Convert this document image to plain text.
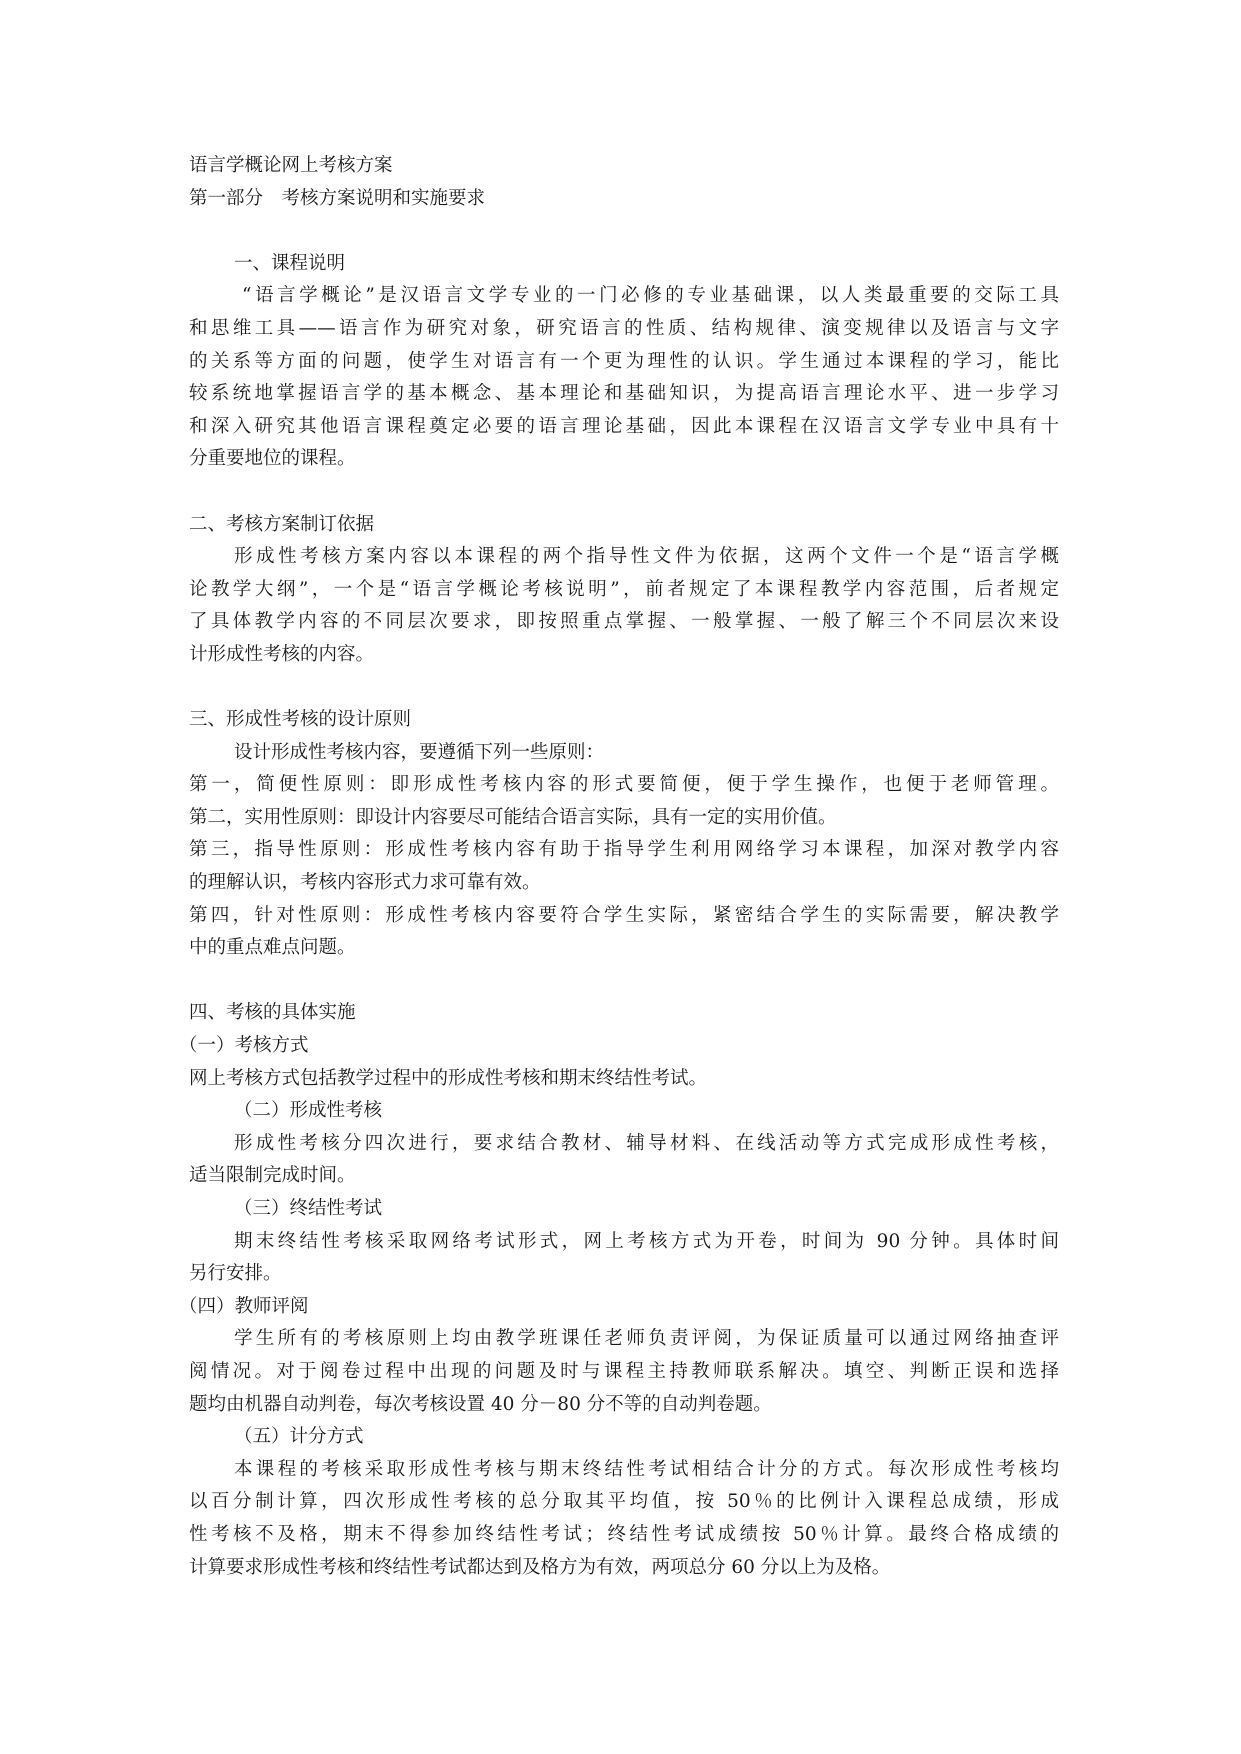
语言学概论网上考核方案
第一部分　考核方案说明和实施要求
一、课程说明
“语言学概论”是汉语言文学专业的一门必修的专业基础课，以人类最重要的交际工具
和思维工具——语言作为研究对象，研究语言的性质、结构规律、演变规律以及语言与文字
的关系等方面的问题，使学生对语言有一个更为理性的认识。学生通过本课程的学习，能比
较系统地掌握语言学的基本概念、基本理论和基础知识，为提高语言理论水平、进一步学习
和深入研究其他语言课程奠定必要的语言理论基础，因此本课程在汉语言文学专业中具有十
分重要地位的课程。
二、考核方案制订依据
形成性考核方案内容以本课程的两个指导性文件为依据，这两个文件一个是“语言学概
论教学大纲”，一个是“语言学概论考核说明”，前者规定了本课程教学内容范围，后者规定
了具体教学内容的不同层次要求，即按照重点掌握、一般掌握、一般了解三个不同层次来设
计形成性考核的内容。
三、形成性考核的设计原则
设计形成性考核内容，要遵循下列一些原则：
第一，简便性原则：即形成性考核内容的形式要简便，便于学生操作，也便于老师管理。
第二，实用性原则：即设计内容要尽可能结合语言实际，具有一定的实用价值。
第三，指导性原则：形成性考核内容有助于指导学生利用网络学习本课程，加深对教学内容
的理解认识，考核内容形式力求可靠有效。
第四，针对性原则：形成性考核内容要符合学生实际，紧密结合学生的实际需要，解决教学
中的重点难点问题。
四、考核的具体实施
（一）考核方式
网上考核方式包括教学过程中的形成性考核和期末终结性考试。
（二）形成性考核
形成性考核分四次进行，要求结合教材、辅导材料、在线活动等方式完成形成性考核，
适当限制完成时间。
（三）终结性考试
期末终结性考核采取网络考试形式，网上考核方式为开卷，时间为 90 分钟。具体时间
另行安排。
（四）教师评阅
学生所有的考核原则上均由教学班课任老师负责评阅，为保证质量可以通过网络抽查评
阅情况。对于阅卷过程中出现的问题及时与课程主持教师联系解决。填空、判断正误和选择
题均由机器自动判卷，每次考核设置 40 分－80 分不等的自动判卷题。
（五）计分方式
本课程的考核采取形成性考核与期末终结性考试相结合计分的方式。每次形成性考核均
以百分制计算，四次形成性考核的总分取其平均值，按 50％的比例计入课程总成绩，形成
性考核不及格，期末不得参加终结性考试；终结性考试成绩按 50％计算。最终合格成绩的
计算要求形成性考核和终结性考试都达到及格方为有效，两项总分 60 分以上为及格。
